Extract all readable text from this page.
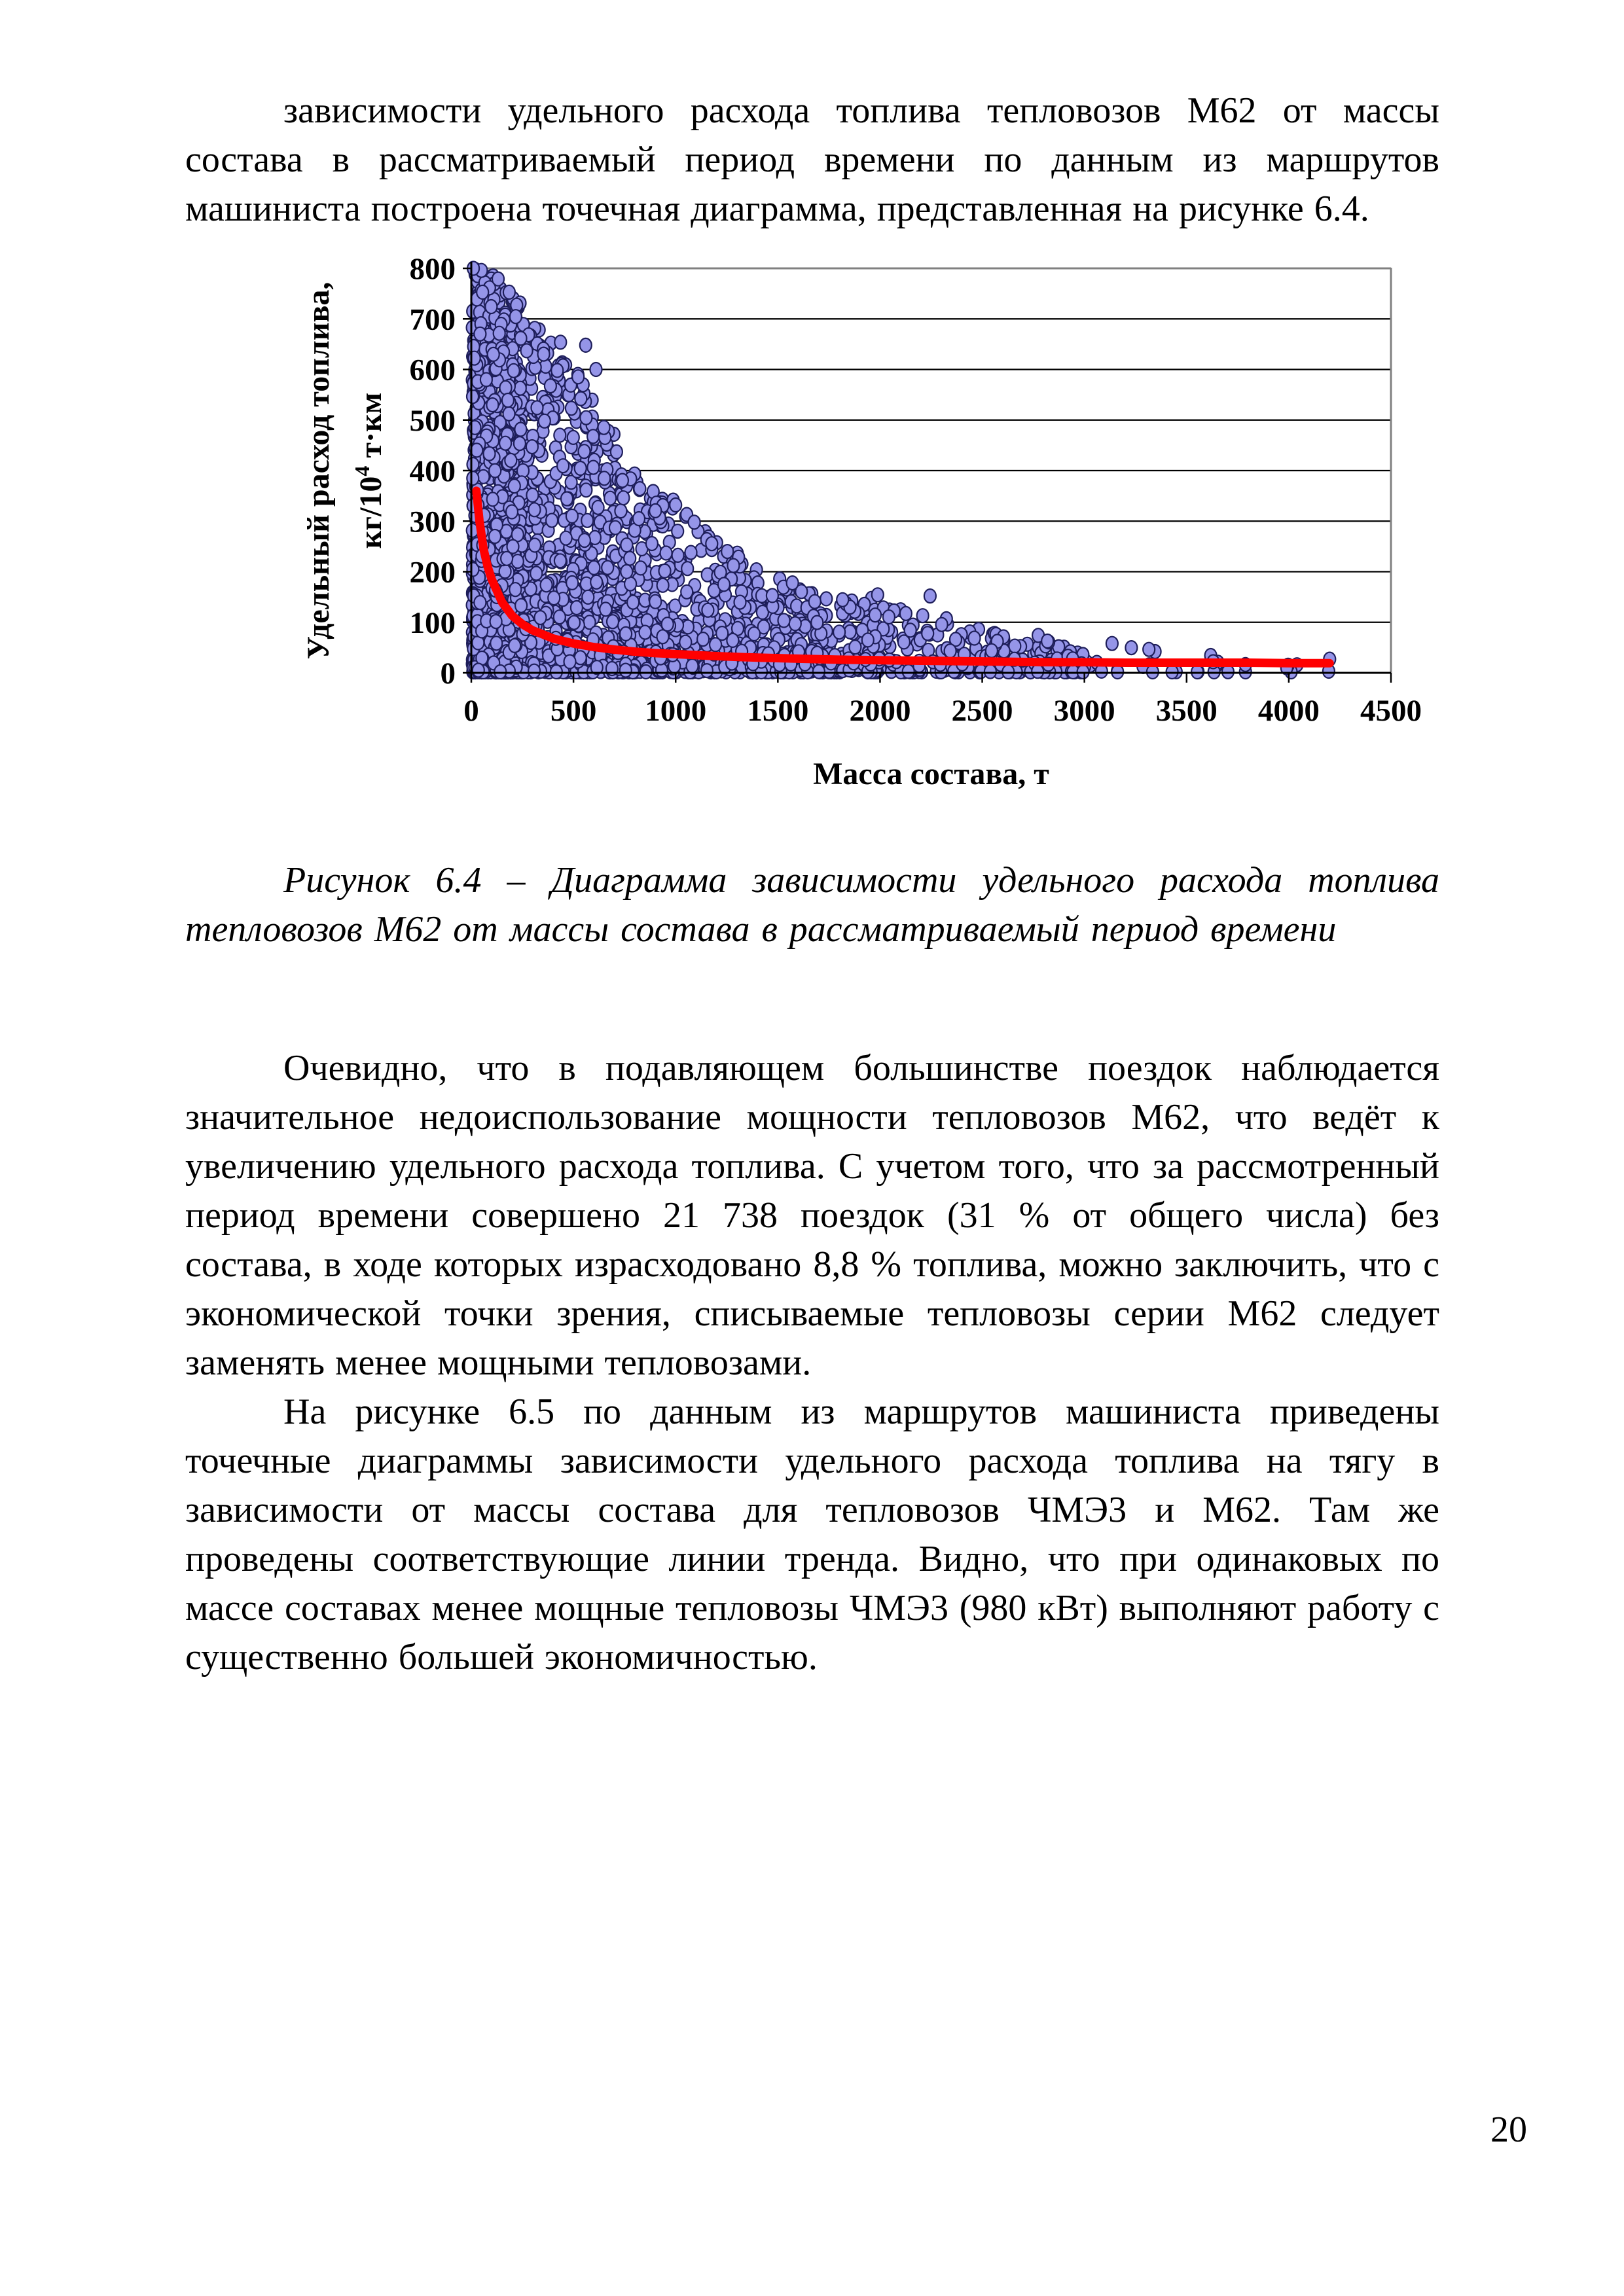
зависимости удельного расхода топлива тепловозов М62 от массы состава в рассматриваемый период времени по данным из маршрутов машиниста построена точечная диаграмма, представленная на рисунке 6.4.

0
100
200
300
400
500
600
700
800
0 500 1000 1500 2000 2500 3000 3500 4000 4500
Масса состава, т
Удельный расход топлива, $кг/10^4$ т·км

Рисунок 6.4 – Диаграмма зависимости удельного расхода топлива тепловозов М62 от массы состава в рассматриваемый период времени

Очевидно, что в подавляющем большинстве поездок наблюдается значительное недоиспользование мощности тепловозов М62, что ведёт к увеличению удельного расхода топлива. С учетом того, что за рассмотренный период времени совершено 21 738 поездок (31 % от общего числа) без состава, в ходе которых израсходовано 8,8 % топлива, можно заключить, что с экономической точки зрения, списываемые тепловозы серии М62 следует заменять менее мощными тепловозами.

На рисунке 6.5 по данным из маршрутов машиниста приведены точечные диаграммы зависимости удельного расхода топлива на тягу в зависимости от массы состава для тепловозов ЧМЭ3 и М62. Там же проведены соответствующие линии тренда. Видно, что при одинаковых по массе составах менее мощные тепловозы ЧМЭ3 (980 кВт) выполняют работу с существенно большей экономичностью.

20
